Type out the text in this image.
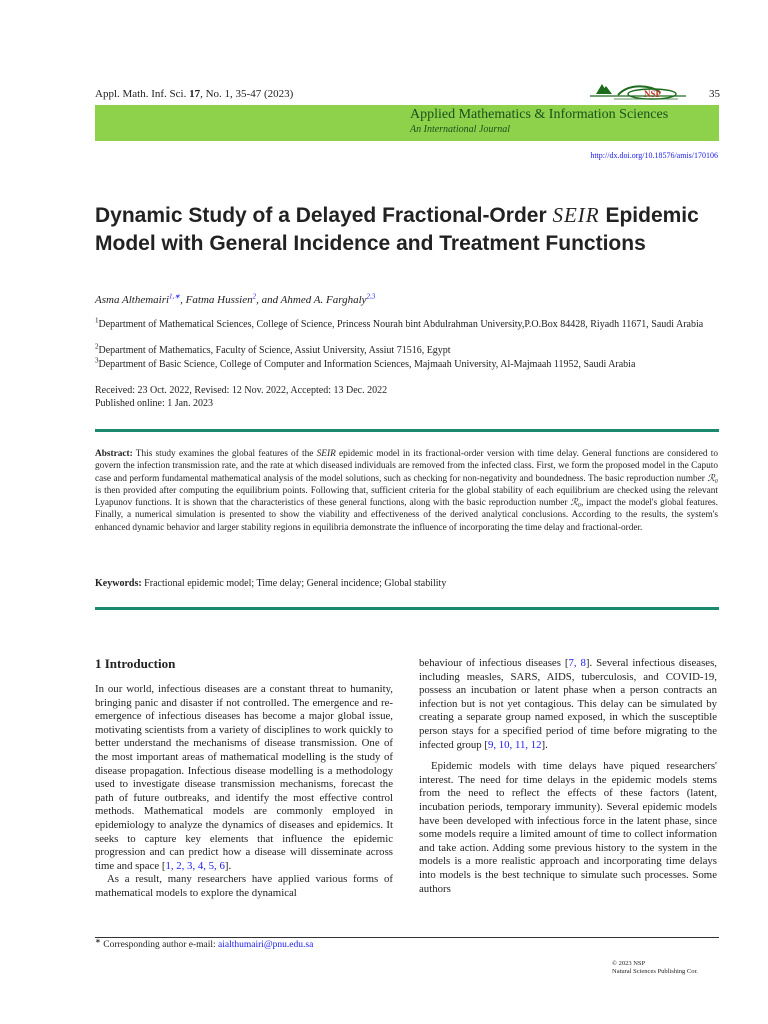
Appl. Math. Inf. Sci. 17, No. 1, 35-47 (2023)	35
NSP
Applied Mathematics & Information Sciences
An International Journal
http://dx.doi.org/10.18576/amis/170106
Dynamic Study of a Delayed Fractional-Order SEIR Epidemic Model with General Incidence and Treatment Functions
Asma Althemairi$^{1,∗}$, Fatma Hussien$^2$, and Ahmed A. Farghaly$^{2,3}$
$^1$Department of Mathematical Sciences, College of Science, Princess Nourah bint Abdulrahman University,P.O.Box 84428, Riyadh 11671, Saudi Arabia
$^2$Department of Mathematics, Faculty of Science, Assiut University, Assiut 71516, Egypt
$^3$Department of Basic Science, College of Computer and Information Sciences, Majmaah University, Al-Majmaah 11952, Saudi Arabia
Received: 23 Oct. 2022, Revised: 12 Nov. 2022, Accepted: 13 Dec. 2022
Published online: 1 Jan. 2023
Abstract: This study examines the global features of the SEIR epidemic model in its fractional-order version with time delay. General functions are considered to govern the infection transmission rate, and the rate at which diseased individuals are removed from the infected class. First, we form the proposed model in the Caputo case and perform fundamental mathematical analysis of the model solutions, such as checking for non-negativity and boundedness. The basic reproduction number ℛ₀ is then provided after computing the equilibrium points. Following that, sufficient criteria for the global stability of each equilibrium are checked using the relevant Lyapunov functions. It is shown that the characteristics of these general functions, along with the basic reproduction number ℛ₀, impact the model's global features. Finally, a numerical simulation is presented to show the viability and effectiveness of the derived analytical conclusions. According to the results, the system's enhanced dynamic behavior and larger stability regions in equilibria demonstrate the influence of incorporating the time delay and fractional-order.
Keywords: Fractional epidemic model; Time delay; General incidence; Global stability
1 Introduction

In our world, infectious diseases are a constant threat to humanity, bringing panic and disaster if not controlled. The emergence and re-emergence of infectious diseases has become a major global issue, motivating scientists from a variety of disciplines to work quickly to better understand the mechanisms of disease transmission. One of the most important areas of mathematical modelling is the study of disease propagation. Infectious disease modelling is a methodology used to investigate disease transmission mechanisms, forecast the path of future outbreaks, and identify the most effective control methods. Mathematical models are commonly employed in epidemiology to analyze the dynamics of diseases and epidemics. It seeks to capture key elements that influence the epidemic progression and can predict how a disease will disseminate across time and space [1, 2, 3, 4, 5, 6].

As a result, many researchers have applied various forms of mathematical models to explore the dynamical

behaviour of infectious diseases [7, 8]. Several infectious diseases, including measles, SARS, AIDS, tuberculosis, and COVID-19, possess an incubation or latent phase when a person contracts an infection but is not yet contagious. This delay can be simulated by creating a separate group named exposed, in which the susceptible person stays for a specified period of time before migrating to the infected group [9, 10, 11, 12].

Epidemic models with time delays have piqued researchers' interest. The need for time delays in the epidemic models stems from the need to reflect the effects of these factors (latent, incubation periods, temporary immunity). Several epidemic models have been developed with infectious force in the latent phase, since some models require a limited amount of time to collect information and take action. Adding some previous history to the system in the models is a more realistic approach and incorporating time delays into models is the best technique to simulate such processes. Some authors

∗ Corresponding author e-mail: aialthumairi@pnu.edu.sa
© 2023 NSP
Natural Sciences Publishing Cor.
